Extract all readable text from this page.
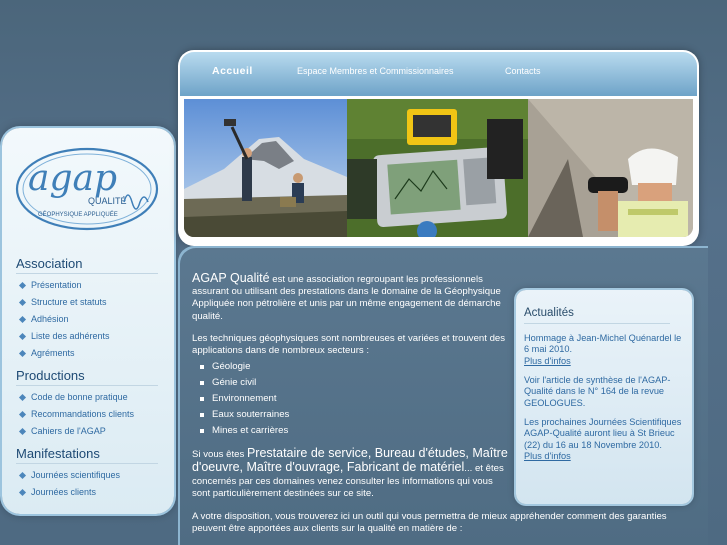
agap
QUALITÉ
GÉOPHYSIQUE APPLIQUÉE
Association
Présentation
Structure et statuts
Adhésion
Liste des adhérents
Agréments
Productions
Code de bonne pratique
Recommandations clients
Cahiers de l'AGAP
Manifestations
Journées scientifiques
Journées clients
Accueil	Espace Membres et Commissionnaires	Contacts

AGAP Qualité est une association regroupant les professionnels assurant ou utilisant des prestations dans le domaine de la Géophysique Appliquée non pétrolière et unis par un même engagement de démarche qualité.

Les techniques géophysiques sont nombreuses et variées et trouvent des applications dans de nombreux secteurs :

Géologie
Génie civil
Environnement
Eaux souterraines
Mines et carrières

Si vous êtes Prestataire de service, Bureau d'études, Maître d'oeuvre, Maître d'ouvrage, Fabricant de matériel... et êtes concernés par ces domaines venez consulter les informations qui vous sont particulièrement destinées sur ce site.

A votre disposition, vous trouverez ici un outil qui vous permettra de mieux appréhender comment des garanties peuvent être apportées aux clients sur la qualité en matière de :
Actualités
Hommage à Jean-Michel Quénardel le 6 mai 2010.
Plus d'infos
Voir l'article de synthèse de l'AGAP-Qualité dans le N° 164 de la revue GEOLOGUES.
Les prochaines Journées Scientifiques AGAP-Qualité auront lieu à St Brieuc (22) du 16 au 18 Novembre 2010.
Plus d'infos
